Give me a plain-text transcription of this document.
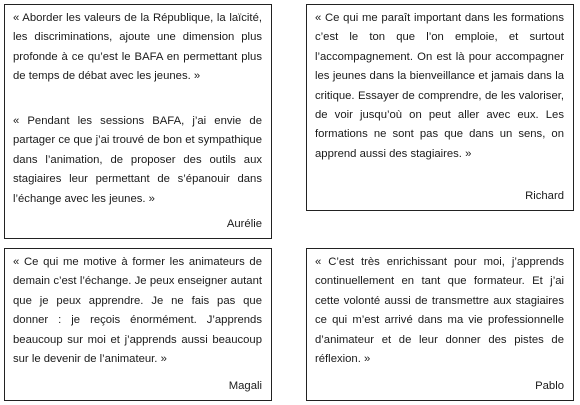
« Aborder les valeurs de la République, la laïcité, les discriminations, ajoute une dimension plus profonde à ce qu’est le BAFA en permettant plus de temps de débat avec les jeunes. »

« Pendant les sessions BAFA, j’ai envie de partager ce que j’ai trouvé de bon et sympathique dans l’animation, de proposer des outils aux stagiaires leur permettant de s’épanouir dans l’échange avec les jeunes. »

Aurélie

« Ce qui me paraît important dans les formations c’est le ton que l’on emploie, et surtout l’accompagnement. On est là pour accompagner les jeunes dans la bienveillance et jamais dans la critique. Essayer de comprendre, de les valoriser, de voir jusqu’où on peut aller avec eux. Les formations ne sont pas que dans un sens, on apprend aussi des stagiaires. »

Richard

« Ce qui me motive à former les animateurs de demain c’est l’échange. Je peux enseigner autant que je peux apprendre. Je ne fais pas que donner : je reçois énormément. J’apprends beaucoup sur moi et j’apprends aussi beaucoup sur le devenir de l’animateur. »

Magali

« C’est très enrichissant pour moi, j’apprends continuellement en tant que formateur. Et j’ai cette volonté aussi de transmettre aux stagiaires ce qui m’est arrivé dans ma vie professionnelle d’animateur et de leur donner des pistes de réflexion. »

Pablo
